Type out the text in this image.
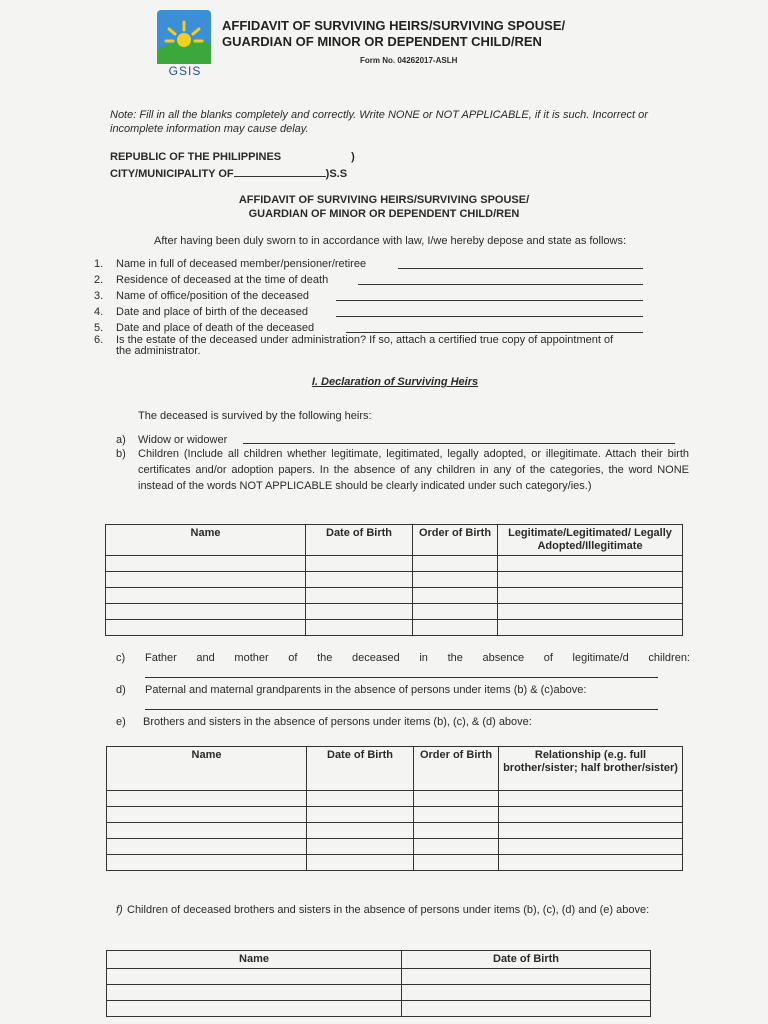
GSIS
AFFIDAVIT OF SURVIVING HEIRS/SURVIVING SPOUSE/
GUARDIAN OF MINOR OR DEPENDENT CHILD/REN
Form No. 04262017-ASLH
Note: Fill in all the blanks completely and correctly. Write NONE or NOT APPLICABLE, if it is such. Incorrect or incomplete information may cause delay.
REPUBLIC OF THE PHILIPPINES	)
CITY/MUNICIPALITY OF	)S.S
AFFIDAVIT OF SURVIVING HEIRS/SURVIVING SPOUSE/
GUARDIAN OF MINOR OR DEPENDENT CHILD/REN
After having been duly sworn to in accordance with law, I/we hereby depose and state as follows:
1. Name in full of deceased member/pensioner/retiree
2. Residence of deceased at the time of death
3. Name of office/position of the deceased
4. Date and place of birth of the deceased
5. Date and place of death of the deceased
6. Is the estate of the deceased under administration? If so, attach a certified true copy of appointment of
the administrator.
I. Declaration of Surviving Heirs
The deceased is survived by the following heirs:
a) Widow or widower
b) Children (Include all children whether legitimate, legitimated, legally adopted, or illegitimate. Attach their birth certificates and/or adoption papers. In the absence of any children in any of the categories, the word NONE instead of the words NOT APPLICABLE should be clearly indicated under such category/ies.)
Name	Date of Birth	Order of Birth	Legitimate/Legitimated/ Legally Adopted/Illegitimate

c) Father and mother of the deceased in the absence of legitimate/d children:
d) Paternal and maternal grandparents in the absence of persons under items (b) & (c)above:
e) Brothers and sisters in the absence of persons under items (b), (c), & (d) above:
Name	Date of Birth	Order of Birth	Relationship (e.g. full brother/sister; half brother/sister)

f) Children of deceased brothers and sisters in the absence of persons under items (b), (c), (d) and (e) above:
Name	Date of Birth
